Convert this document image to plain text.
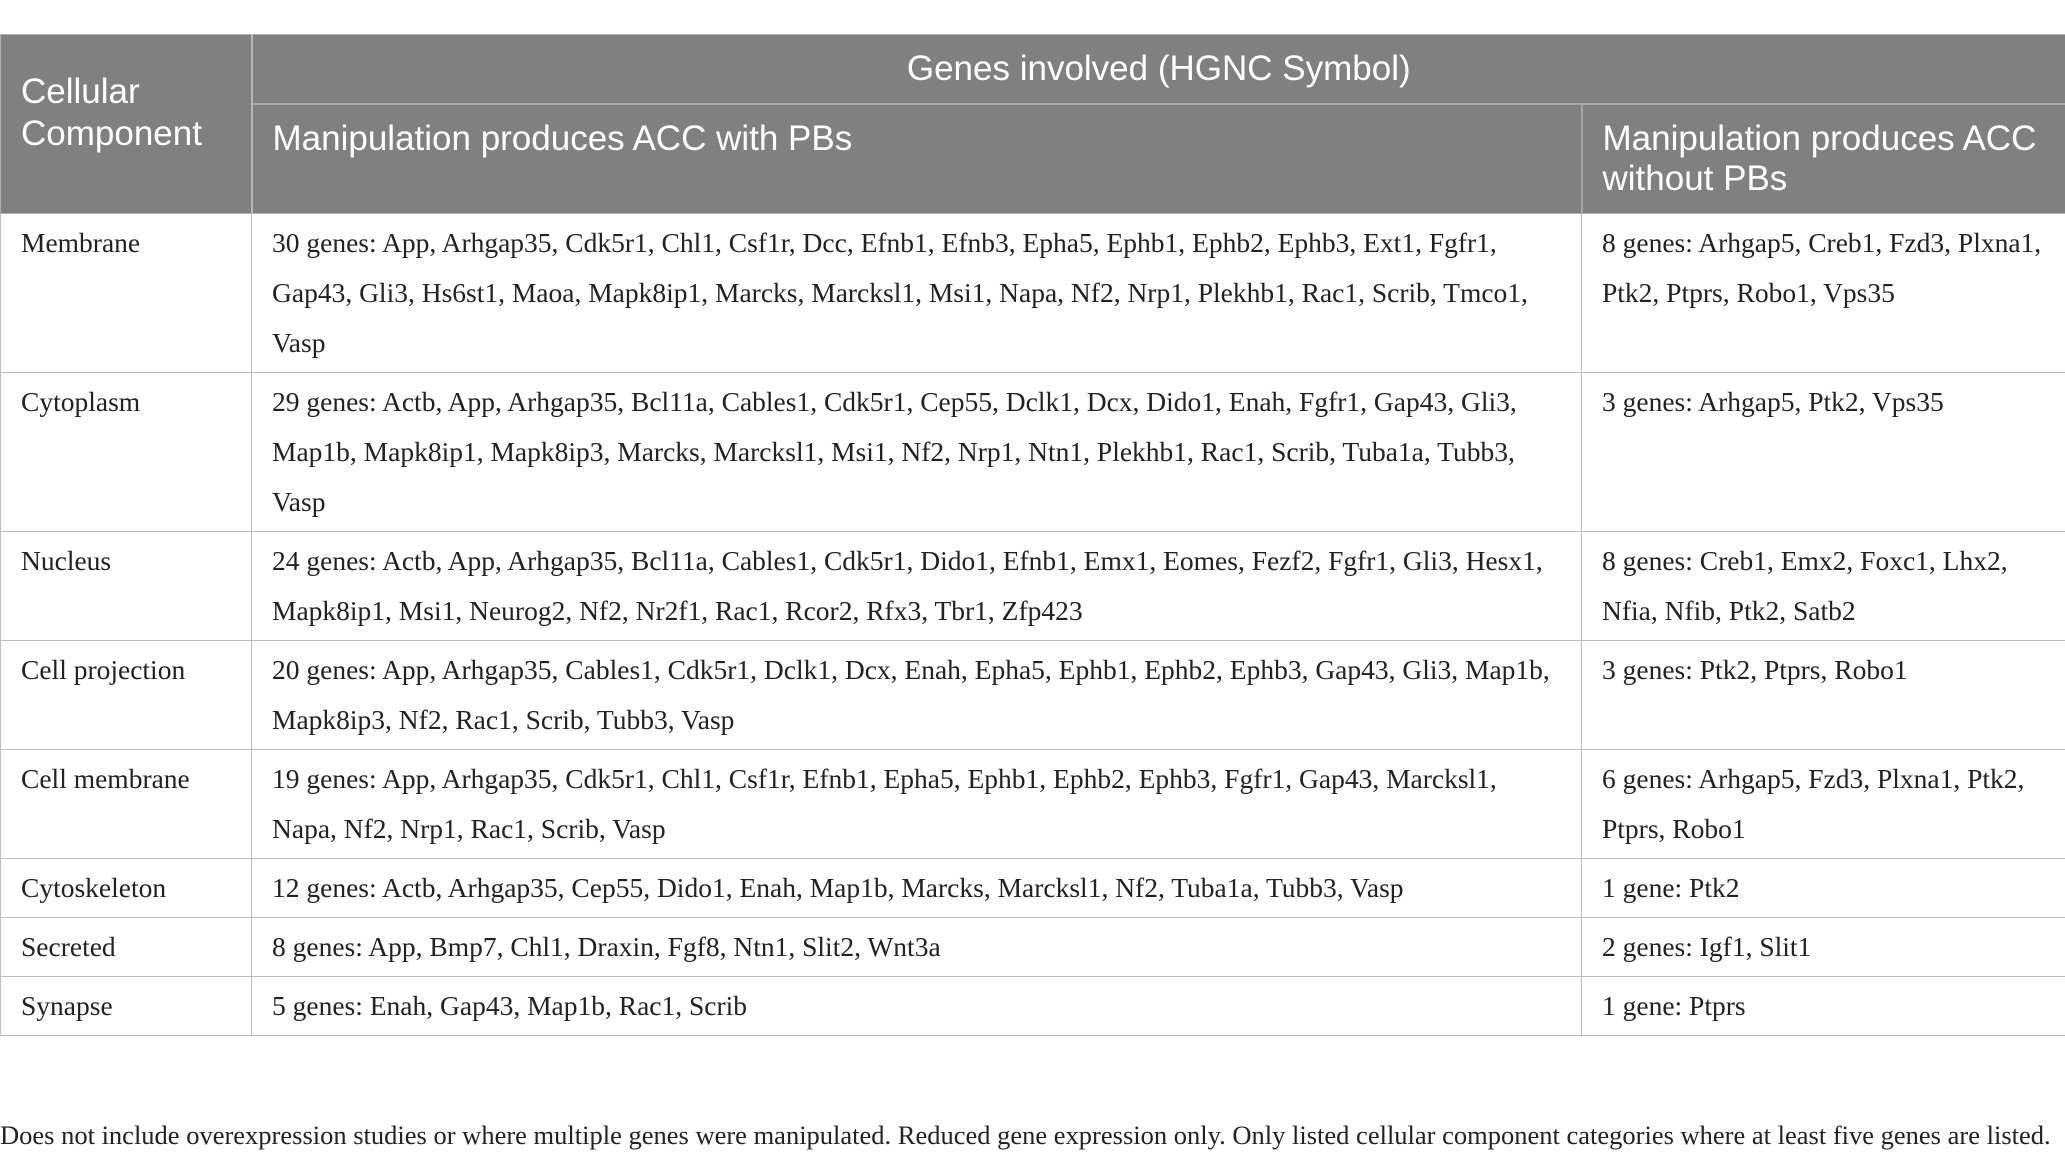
Cellular Component	Genes involved (HGNC Symbol)	
	Manipulation produces ACC with PBs	Manipulation produces ACC without PBs
Membrane	30 genes: App, Arhgap35, Cdk5r1, Chl1, Csf1r, Dcc, Efnb1, Efnb3, Epha5, Ephb1, Ephb2, Ephb3, Ext1, Fgfr1, Gap43, Gli3, Hs6st1, Maoa, Mapk8ip1, Marcks, Marcksl1, Msi1, Napa, Nf2, Nrp1, Plekhb1, Rac1, Scrib, Tmco1, Vasp	8 genes: Arhgap5, Creb1, Fzd3, Plxna1, Ptk2, Ptprs, Robo1, Vps35
Cytoplasm	29 genes: Actb, App, Arhgap35, Bcl11a, Cables1, Cdk5r1, Cep55, Dclk1, Dcx, Dido1, Enah, Fgfr1, Gap43, Gli3, Map1b, Mapk8ip1, Mapk8ip3, Marcks, Marcksl1, Msi1, Nf2, Nrp1, Ntn1, Plekhb1, Rac1, Scrib, Tuba1a, Tubb3, Vasp	3 genes: Arhgap5, Ptk2, Vps35
Nucleus	24 genes: Actb, App, Arhgap35, Bcl11a, Cables1, Cdk5r1, Dido1, Efnb1, Emx1, Eomes, Fezf2, Fgfr1, Gli3, Hesx1, Mapk8ip1, Msi1, Neurog2, Nf2, Nr2f1, Rac1, Rcor2, Rfx3, Tbr1, Zfp423	8 genes: Creb1, Emx2, Foxc1, Lhx2, Nfia, Nfib, Ptk2, Satb2
Cell projection	20 genes: App, Arhgap35, Cables1, Cdk5r1, Dclk1, Dcx, Enah, Epha5, Ephb1, Ephb2, Ephb3, Gap43, Gli3, Map1b, Mapk8ip3, Nf2, Rac1, Scrib, Tubb3, Vasp	3 genes: Ptk2, Ptprs, Robo1
Cell membrane	19 genes: App, Arhgap35, Cdk5r1, Chl1, Csf1r, Efnb1, Epha5, Ephb1, Ephb2, Ephb3, Fgfr1, Gap43, Marcksl1, Napa, Nf2, Nrp1, Rac1, Scrib, Vasp	6 genes: Arhgap5, Fzd3, Plxna1, Ptk2, Ptprs, Robo1
Cytoskeleton	12 genes: Actb, Arhgap35, Cep55, Dido1, Enah, Map1b, Marcks, Marcksl1, Nf2, Tuba1a, Tubb3, Vasp	1 gene: Ptk2
Secreted	8 genes: App, Bmp7, Chl1, Draxin, Fgf8, Ntn1, Slit2, Wnt3a	2 genes: Igf1, Slit1
Synapse	5 genes: Enah, Gap43, Map1b, Rac1, Scrib	1 gene: Ptprs
Does not include overexpression studies or where multiple genes were manipulated. Reduced gene expression only. Only listed cellular component categories where at least five genes are listed.
